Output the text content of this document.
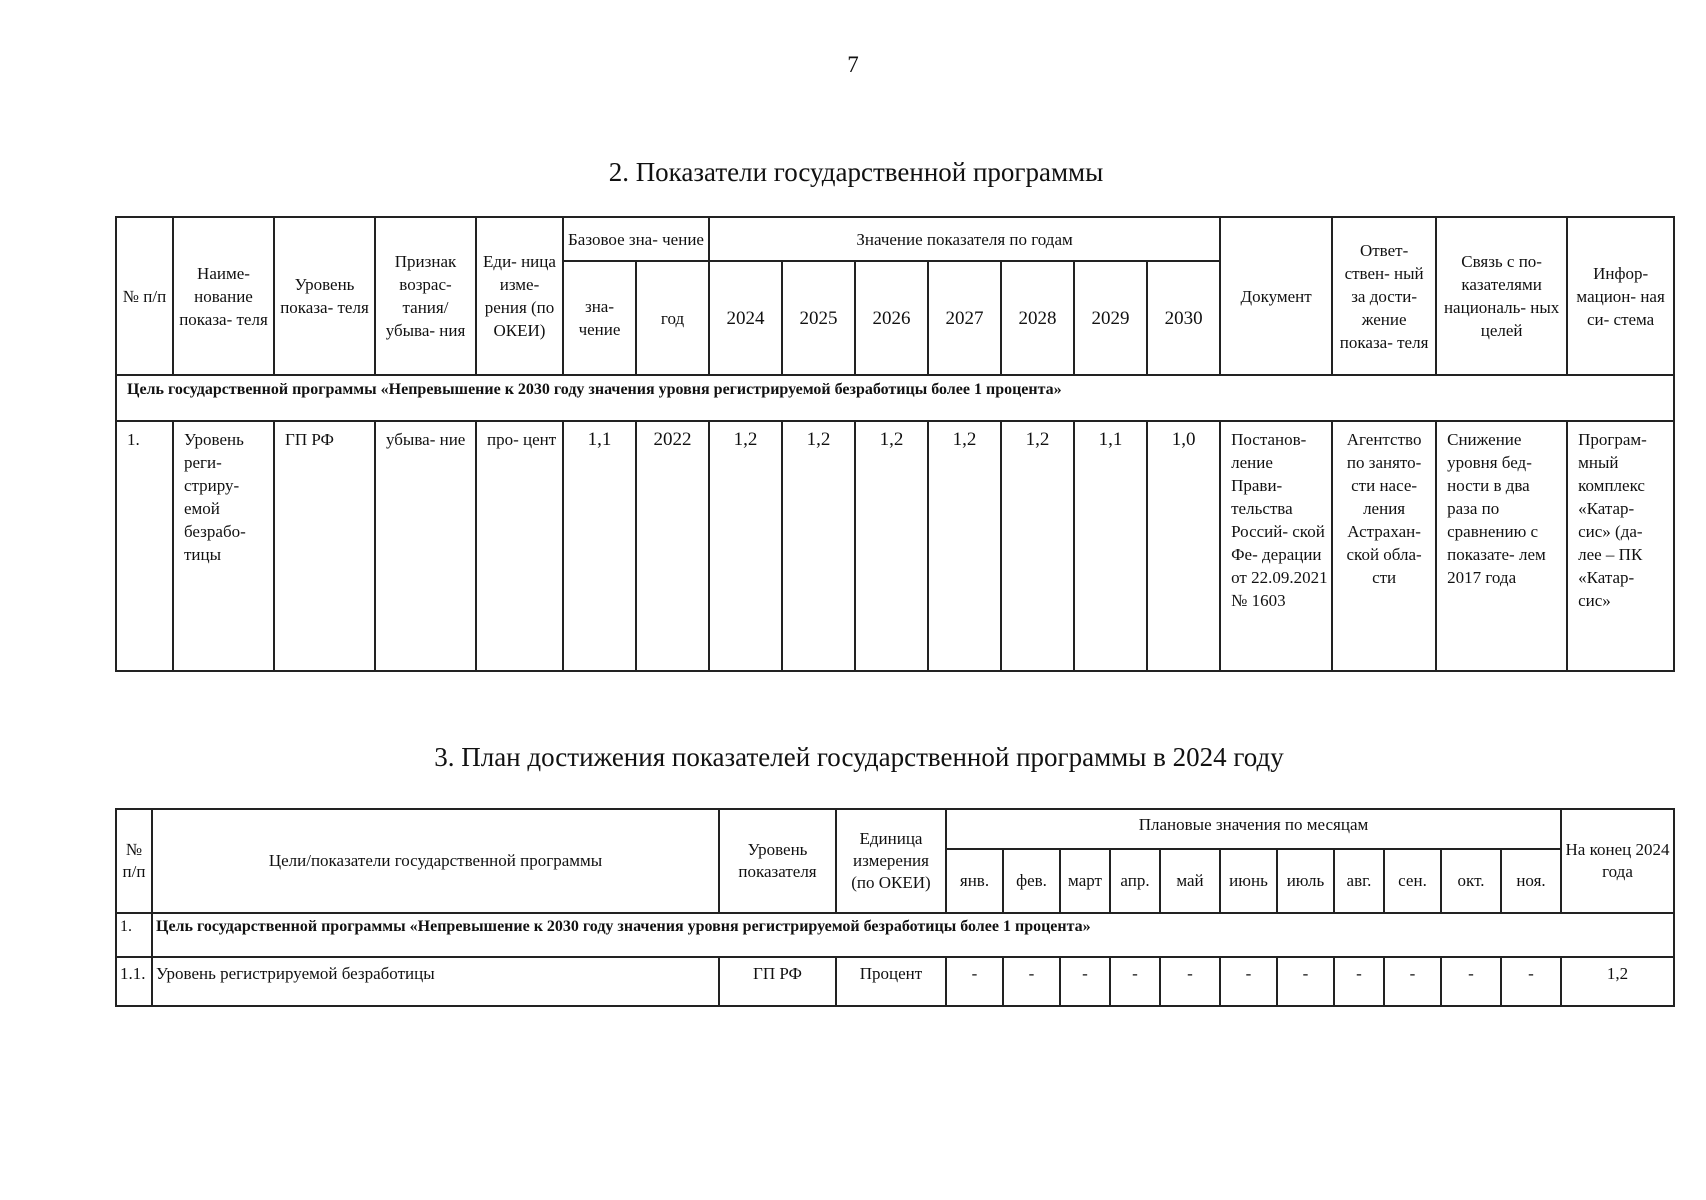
7
2. Показатели государственной программы
№ п/п	Наиме- нование показа- теля	Уровень показа- теля	Признак возрас- тания/ убыва- ния	Еди- ница изме- рения (по ОКЕИ)	Базовое зна- чение		Значение показателя по годам							Документ	Ответ- ствен- ный за дости- жение показа- теля	Связь с по- казателями националь- ных целей	Инфор- мацион- ная си- стема
					зна- чение	год	2024	2025	2026	2027	2028	2029	2030				
Цель государственной программы «Непревышение к 2030 году значения уровня регистрируемой безработицы более 1 процента»																	
1.	Уровень реги- стриру- емой безрабо- тицы	ГП РФ	убыва- ние	про- цент	1,1	2022	1,2	1,2	1,2	1,2	1,2	1,1	1,0	Постанов- ление Прави- тельства Россий- ской Фе- дерации от 22.09.2021 № 1603	Агентство по занято- сти насе- ления Астрахан- ской обла- сти	Снижение уровня бед- ности в два раза по сравнению с показате- лем 2017 года	Програм- мный комплекс «Катар- сис» (да- лее – ПК «Катар- сис»
3. План достижения показателей государственной программы в 2024 году
№ п/п	Цели/показатели государственной программы	Уровень показателя	Единица измерения (по ОКЕИ)	Плановые значения по месяцам											На конец 2024 года
				янв.	фев.	март	апр.	май	июнь	июль	авг.	сен.	окт.	ноя.	
1.	Цель государственной программы «Непревышение к 2030 году значения уровня регистрируемой безработицы более 1 процента»														
1.1.	Уровень регистрируемой безработицы	ГП РФ	Процент	-	-	-	-	-	-	-	-	-	-	-	1,2
